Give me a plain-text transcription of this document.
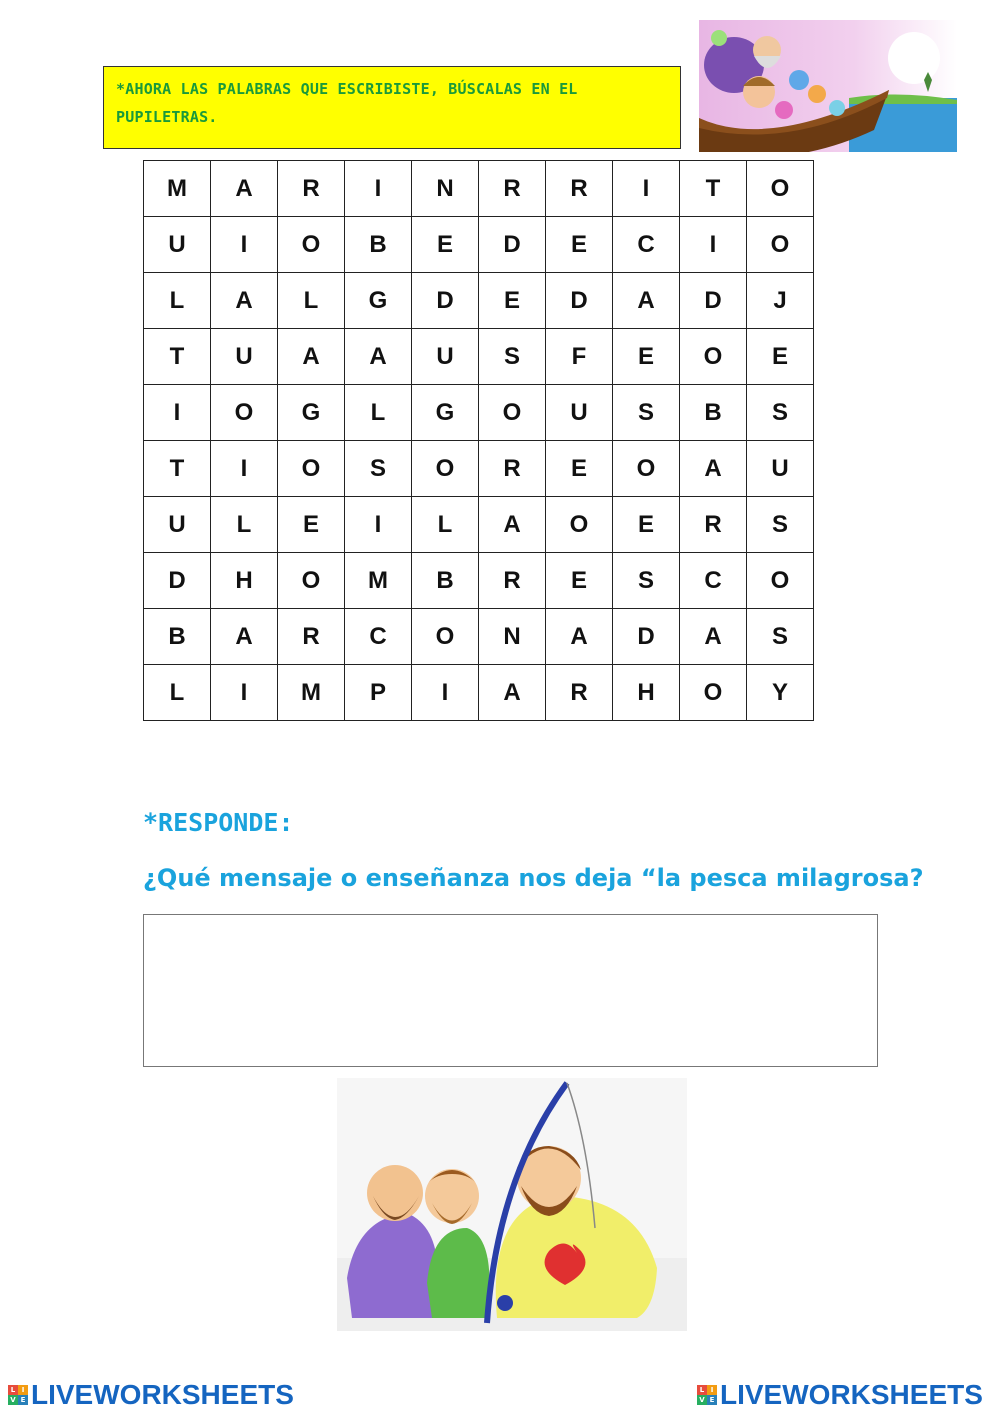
*AHORA LAS PALABRAS QUE ESCRIBISTE, BÚSCALAS EN EL PUPILETRAS.
M	A	R	I	N	R	R	I	T	O
U	I	O	B	E	D	E	C	I	O
L	A	L	G	D	E	D	A	D	J
T	U	A	A	U	S	F	E	O	E
I	O	G	L	G	O	U	S	B	S
T	I	O	S	O	R	E	O	A	U
U	L	E	I	L	A	O	E	R	S
D	H	O	M	B	R	E	S	C	O
B	A	R	C	O	N	A	D	A	S
L	I	M	P	I	A	R	H	O	Y
*RESPONDE:
¿Qué mensaje o enseñanza nos deja “la pesca milagrosa?
L I
V E LIVEWORKSHEETS	L I
V E LIVEWORKSHEETS
